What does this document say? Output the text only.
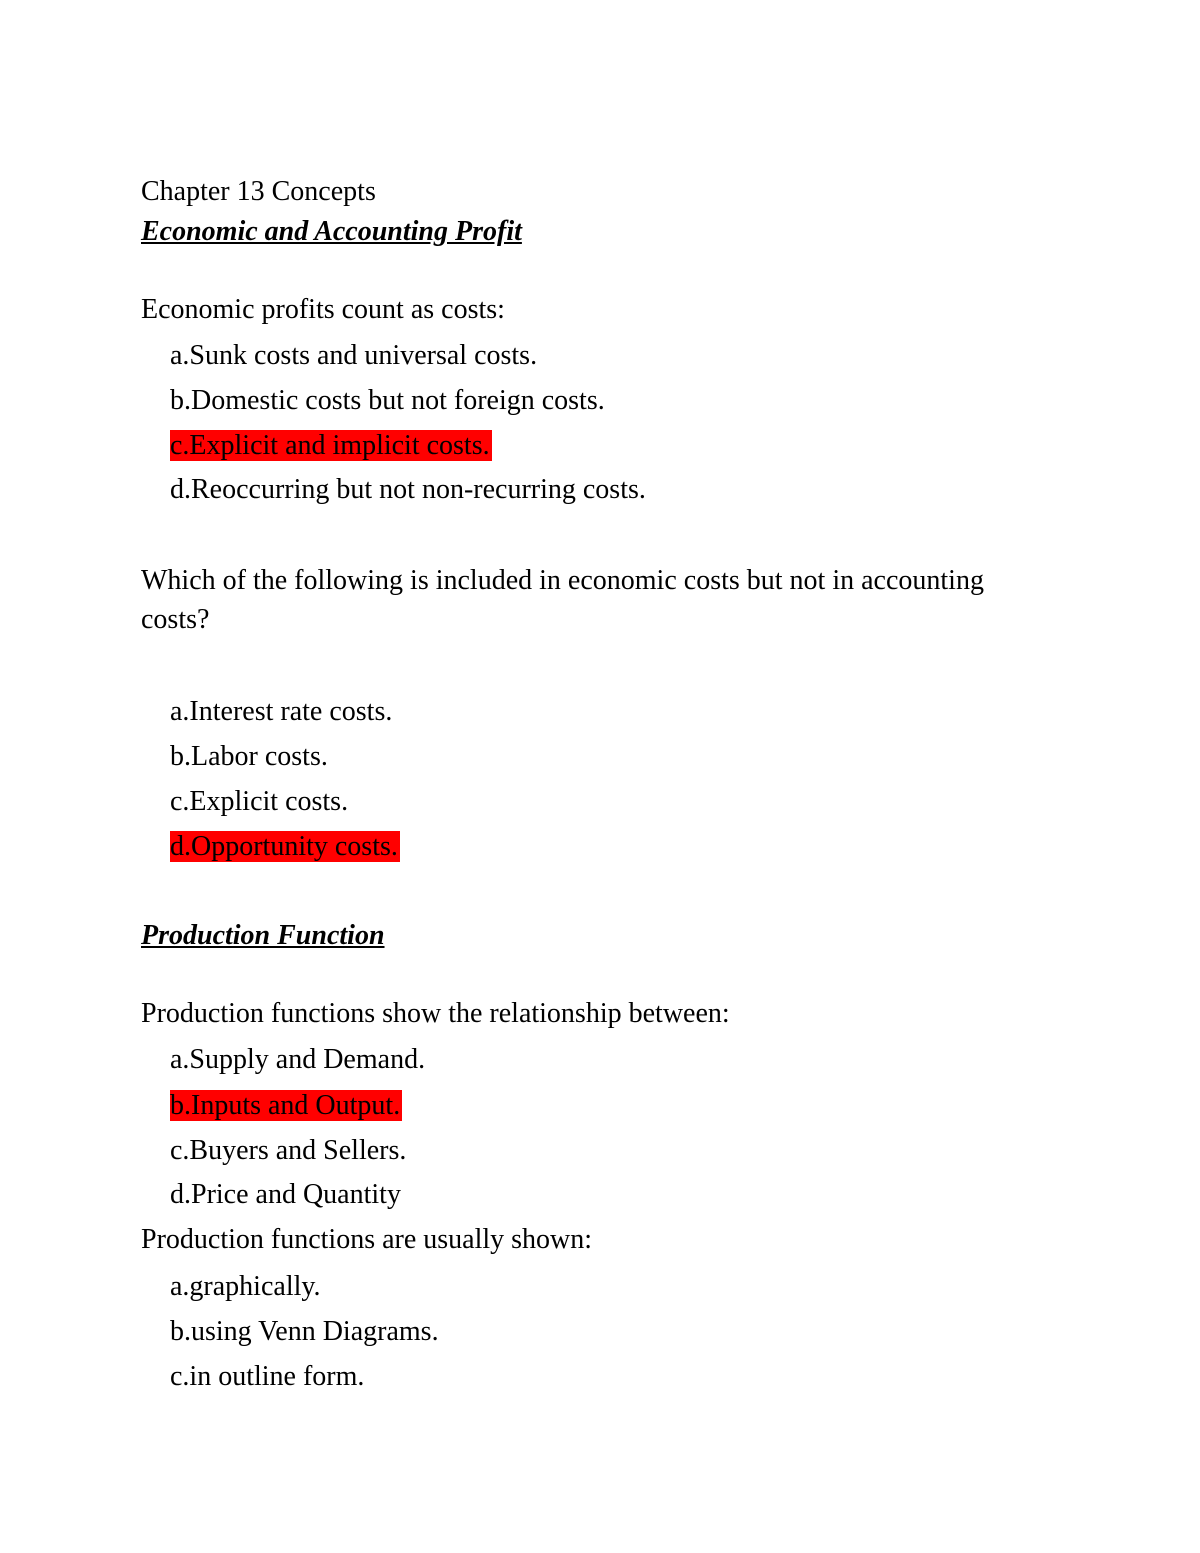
Chapter 13 Concepts
Economic and Accounting Profit
Economic profits count as costs:
a.Sunk costs and universal costs.
b.Domestic costs but not foreign costs.
c.Explicit and implicit costs.
d.Reoccurring but not non-recurring costs.
Which of the following is included in economic costs but not in accounting costs?
a.Interest rate costs.
b.Labor costs.
c.Explicit costs.
d.Opportunity costs.
Production Function
Production functions show the relationship between:
a.Supply and Demand.
b.Inputs and Output.
c.Buyers and Sellers.
d.Price and Quantity
Production functions are usually shown:
a.graphically.
b.using Venn Diagrams.
c.in outline form.
